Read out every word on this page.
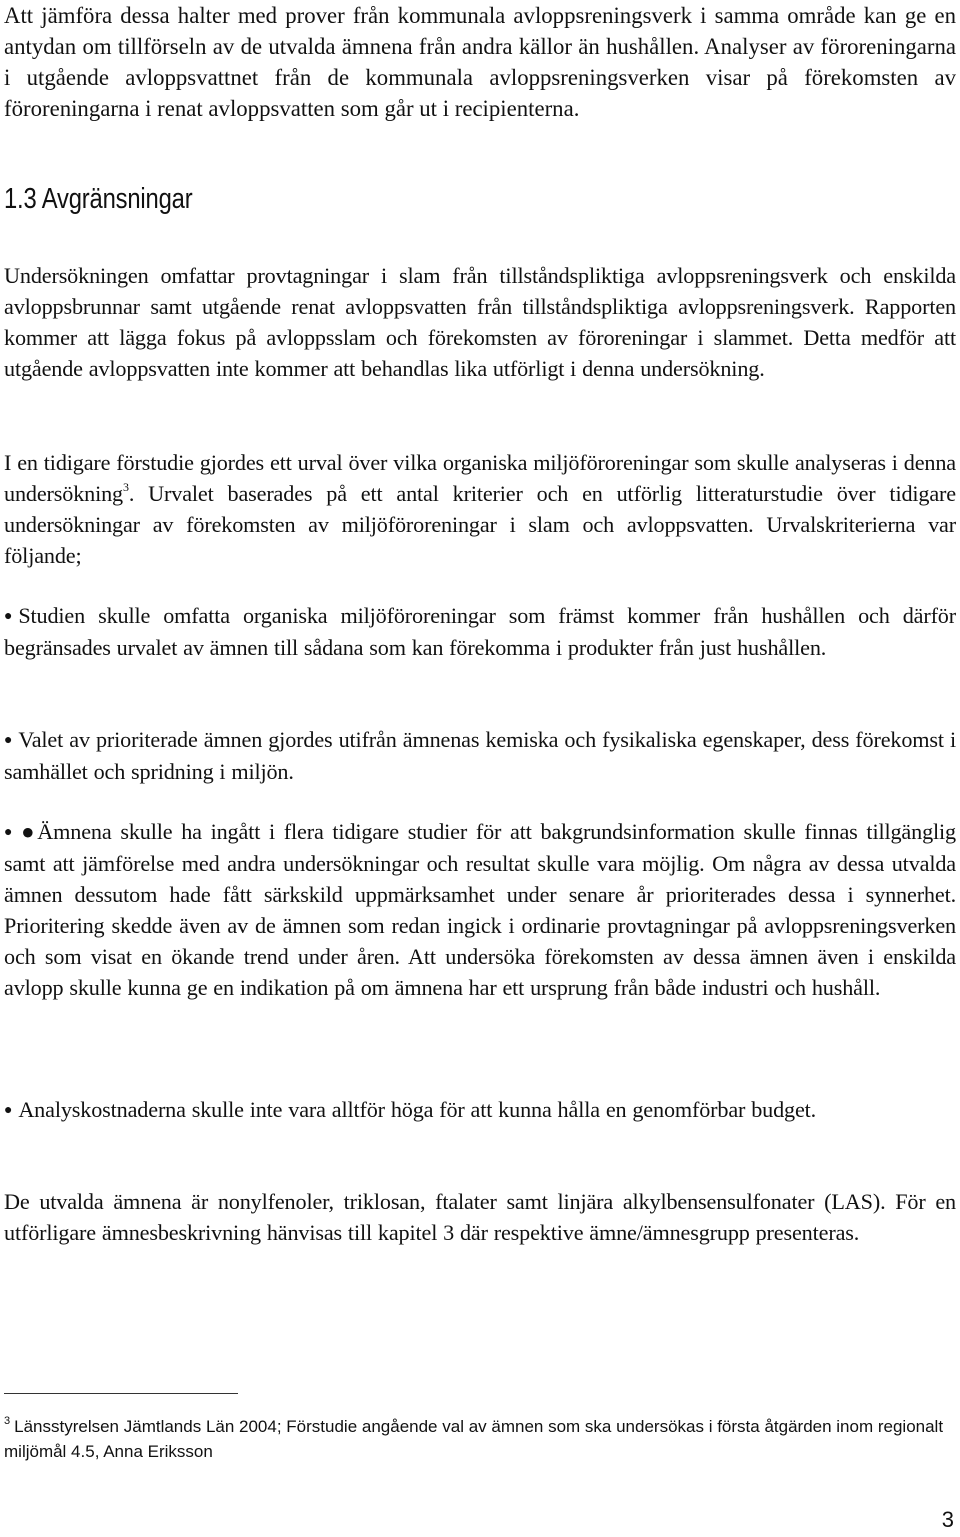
Att jämföra dessa halter med prover från kommunala avloppsreningsverk i samma område kan ge en antydan om tillförseln av de utvalda ämnena från andra källor än hushållen. Analyser av föroreningarna i utgående avloppsvattnet från de kommunala avloppsreningsverken visar på förekomsten av föroreningarna i renat avloppsvatten som går ut i recipienterna.

1.3 Avgränsningar

Undersökningen omfattar provtagningar i slam från tillståndspliktiga avloppsreningsverk och enskilda avloppsbrunnar samt utgående renat avloppsvatten från tillståndspliktiga avloppsreningsverk. Rapporten kommer att lägga fokus på avloppsslam och förekomsten av föroreningar i slammet. Detta medför att utgående avloppsvatten inte kommer att behandlas lika utförligt i denna undersökning.

I en tidigare förstudie gjordes ett urval över vilka organiska miljöföroreningar som skulle analyseras i denna undersökning$^3$. Urvalet baserades på ett antal kriterier och en utförlig litteraturstudie över tidigare undersökningar av förekomsten av miljöföroreningar i slam och avloppsvatten. Urvalskriterierna var följande;

● Studien skulle omfatta organiska miljöföroreningar som främst kommer från hushållen och därför begränsades urvalet av ämnen till sådana som kan förekomma i produkter från just hushållen.

● Valet av prioriterade ämnen gjordes utifrån ämnenas kemiska och fysikaliska egenskaper, dess förekomst i samhället och spridning i miljön.

● ●Ämnena skulle ha ingått i flera tidigare studier för att bakgrundsinformation skulle finnas tillgänglig samt att jämförelse med andra undersökningar och resultat skulle vara möjlig. Om några av dessa utvalda ämnen dessutom hade fått särkskild uppmärksamhet under senare år prioriterades dessa i synnerhet. Prioritering skedde även av de ämnen som redan ingick i ordinarie provtagningar på avloppsreningsverken och som visat en ökande trend under åren. Att undersöka förekomsten av dessa ämnen även i enskilda avlopp skulle kunna ge en indikation på om ämnena har ett ursprung från både industri och hushåll.

● Analyskostnaderna skulle inte vara alltför höga för att kunna hålla en genomförbar budget.

De utvalda ämnena är nonylfenoler, triklosan, ftalater samt linjära alkylbensensulfonater (LAS). För en utförligare ämnesbeskrivning hänvisas till kapitel 3 där respektive ämne/ämnesgrupp presenteras.

$^3$ Länsstyrelsen Jämtlands Län 2004; Förstudie angående val av ämnen som ska undersökas i första åtgärden inom regionalt miljömål 4.5, Anna Eriksson

3
